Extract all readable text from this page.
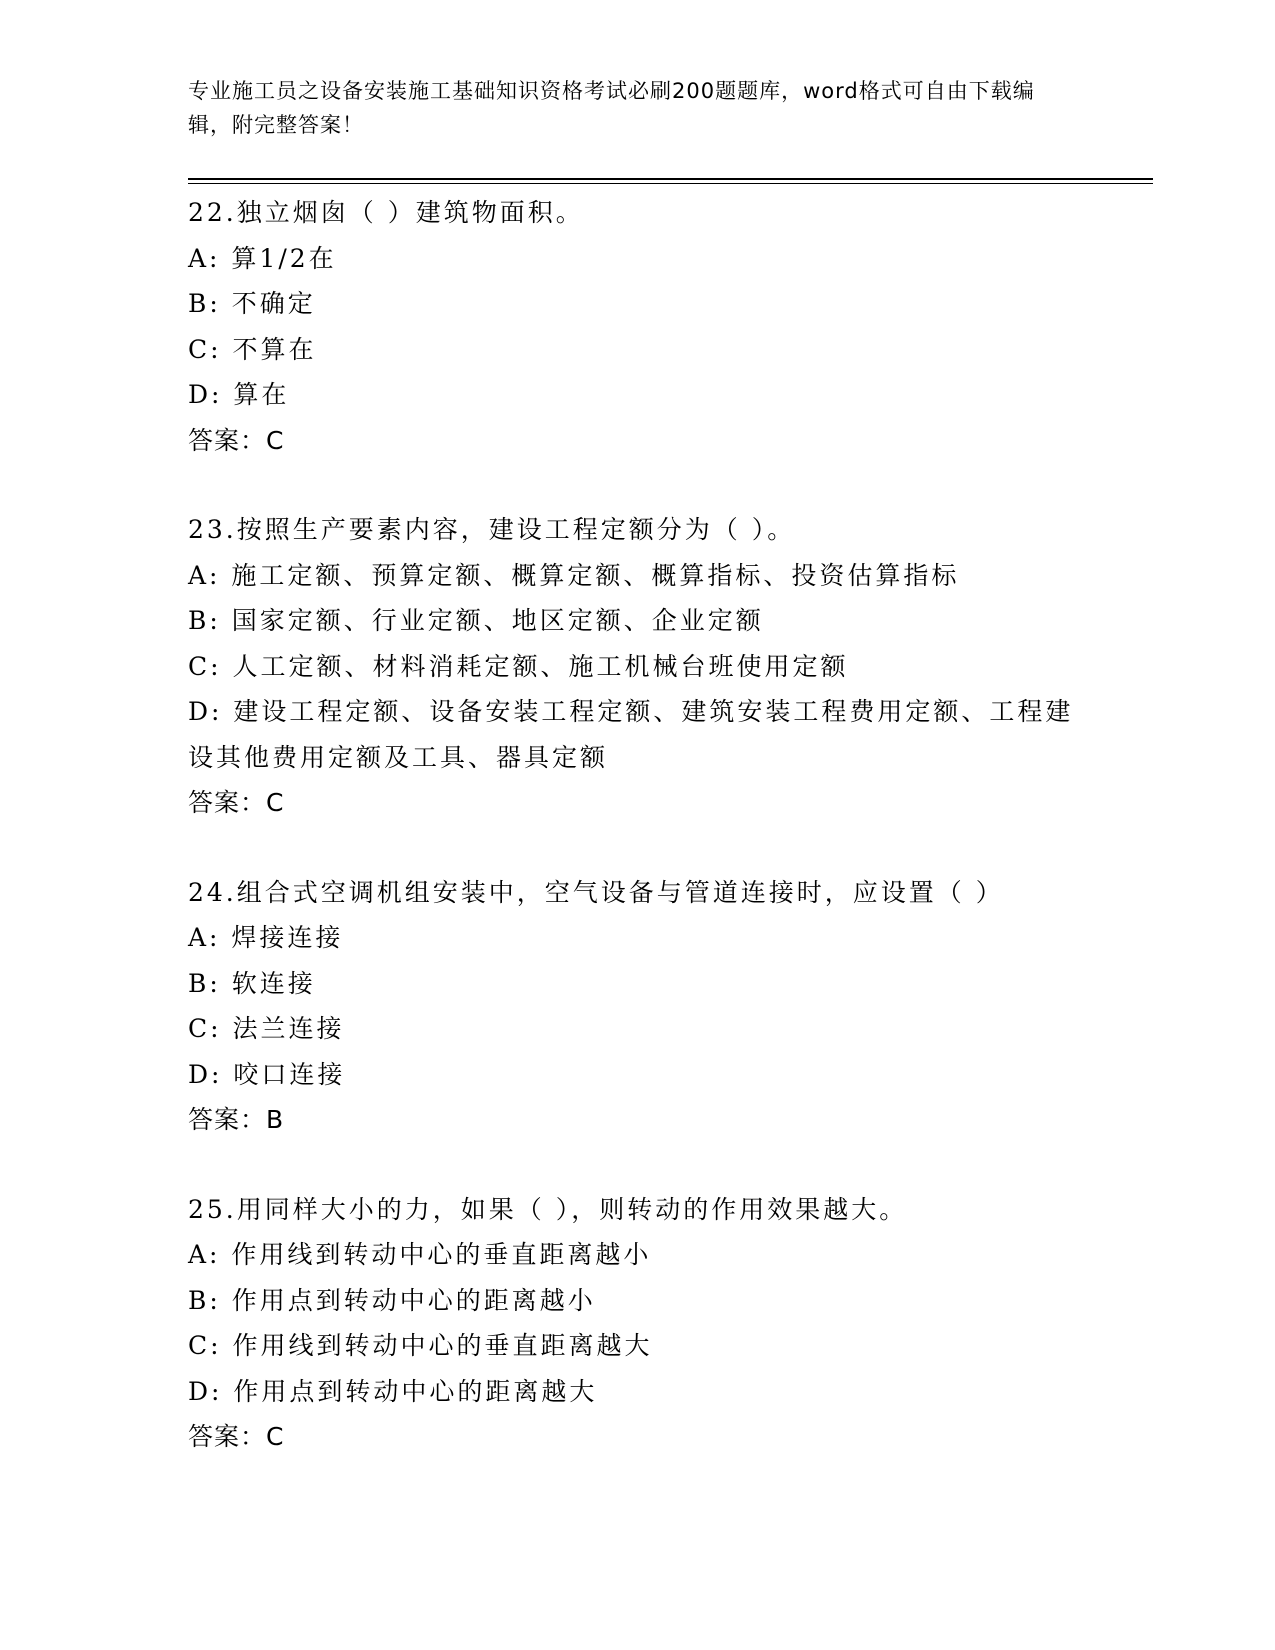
专业施工员之设备安装施工基础知识资格考试必刷200题题库，word格式可自由下载编辑，附完整答案！
22.独立烟囱（ ）建筑物面积。
A: 算1/2在
B: 不确定
C: 不算在
D: 算在
答案：C
23.按照生产要素内容，建设工程定额分为（ ）。
A: 施工定额、预算定额、概算定额、概算指标、投资估算指标
B: 国家定额、行业定额、地区定额、企业定额
C: 人工定额、材料消耗定额、施工机械台班使用定额
D: 建设工程定额、设备安装工程定额、建筑安装工程费用定额、工程建设其他费用定额及工具、器具定额
答案：C
24.组合式空调机组安装中，空气设备与管道连接时，应设置（ ）
A: 焊接连接
B: 软连接
C: 法兰连接
D: 咬口连接
答案：B
25.用同样大小的力，如果（ ），则转动的作用效果越大。
A: 作用线到转动中心的垂直距离越小
B: 作用点到转动中心的距离越小
C: 作用线到转动中心的垂直距离越大
D: 作用点到转动中心的距离越大
答案：C
